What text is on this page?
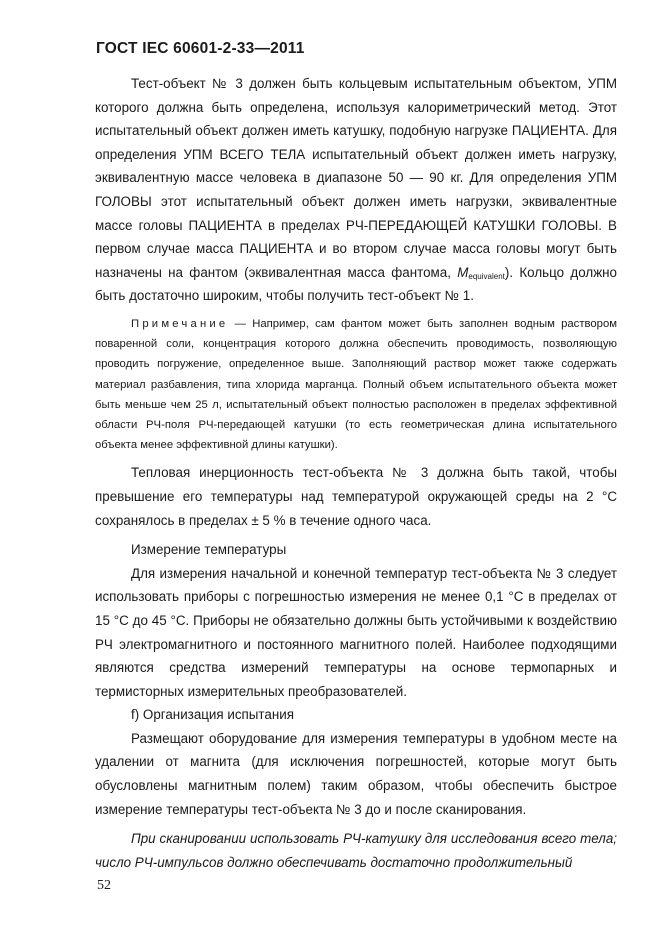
ГОСТ IEC 60601-2-33—2011

Тест-объект № 3 должен быть кольцевым испытательным объектом, УПМ которого должна быть определена, используя калориметрический метод. Этот испытательный объект должен иметь катушку, подобную нагрузке ПАЦИЕНТА. Для определения УПМ ВСЕГО ТЕЛА испытательный объект должен иметь нагрузку, эквивалентную массе человека в диапазоне 50 — 90 кг. Для определения УПМ ГОЛОВЫ этот испытательный объект должен иметь нагрузки, эквивалентные массе головы ПАЦИЕНТА в пределах РЧ-ПЕРЕДАЮЩЕЙ КАТУШКИ ГОЛОВЫ. В первом случае масса ПАЦИЕНТА и во втором случае масса головы могут быть назначены на фантом (эквивалентная масса фантома, $M_{equivalent}$). Кольцо должно быть достаточно широким, чтобы получить тест-объект № 1.

Примечание — Например, сам фантом может быть заполнен водным раствором поваренной соли, концентрация которого должна обеспечить проводимость, позволяющую проводить погружение, определенное выше. Заполняющий раствор может также содержать материал разбавления, типа хлорида марганца. Полный объем испытательного объекта может быть меньше чем 25 л, испытательный объект полностью расположен в пределах эффективной области РЧ-поля РЧ-передающей катушки (то есть геометрическая длина испытательного объекта менее эффективной длины катушки).

Тепловая инерционность тест-объекта № 3 должна быть такой, чтобы превышение его температуры над температурой окружающей среды на 2 °С сохранялось в пределах ± 5 % в течение одного часа.

Измерение температуры

Для измерения начальной и конечной температур тест-объекта № 3 следует использовать приборы с погрешностью измерения не менее 0,1 °С в пределах от 15 °С до 45 °С. Приборы не обязательно должны быть устойчивыми к воздействию РЧ электромагнитного и постоянного магнитного полей. Наиболее подходящими являются средства измерений температуры на основе термопарных и термисторных измерительных преобразователей.

f) Организация испытания

Размещают оборудование для измерения температуры в удобном месте на удалении от магнита (для исключения погрешностей, которые могут быть обусловлены магнитным полем) таким образом, чтобы обеспечить быстрое измерение температуры тест-объекта № 3 до и после сканирования.

При сканировании использовать РЧ-катушку для исследования всего тела; число РЧ-импульсов должно обеспечивать достаточно продолжительный

52
